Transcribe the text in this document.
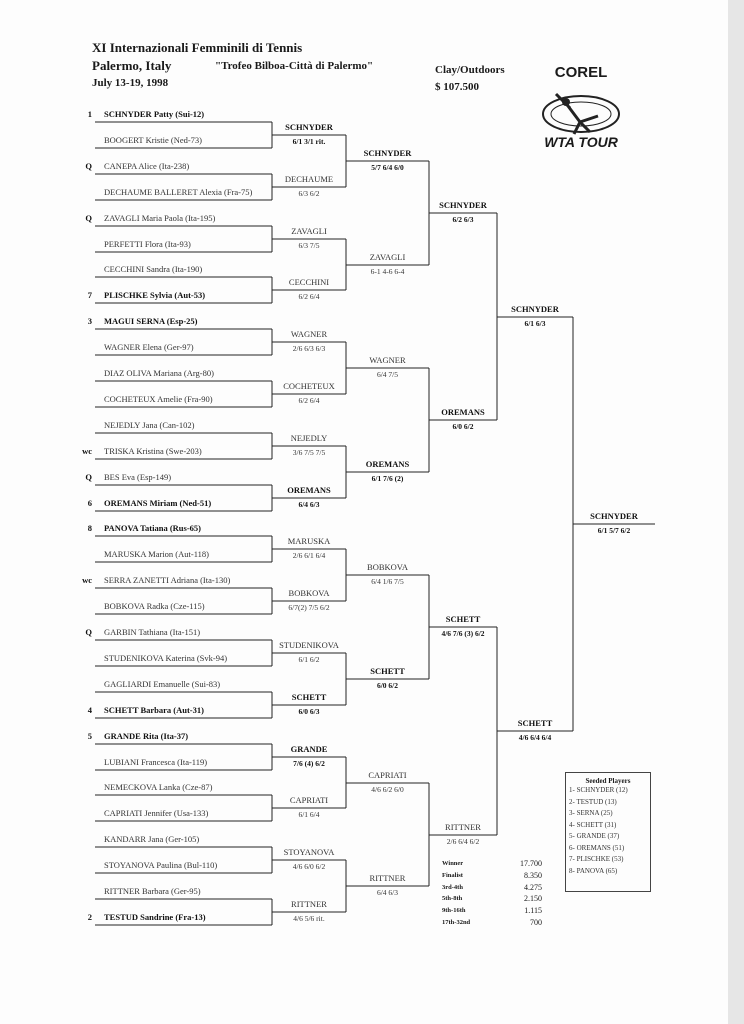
XI Internazionali Femminili di Tennis
Palermo, Italy	"Trofeo Bilboa-Città di Palermo"
July 13-19, 1998
Clay/Outdoors
$ 107.500
COREL
WTA TOUR
1 SCHNYDER Patty (Sui-12)
BOOGERT Kristie (Ned-73)
Q CANEPA Alice (Ita-238)
DECHAUME BALLERET Alexia (Fra-75)
Q ZAVAGLI Maria Paola (Ita-195)
PERFETTI Flora (Ita-93)
CECCHINI Sandra (Ita-190)
7 PLISCHKE Sylvia (Aut-53)
3 MAGUI SERNA (Esp-25)
WAGNER Elena (Ger-97)
DIAZ OLIVA Mariana (Arg-80)
COCHETEUX Amelie (Fra-90)
NEJEDLY Jana (Can-102)
wc TRISKA Kristina (Swe-203)
Q BES Eva (Esp-149)
6 OREMANS Miriam (Ned-51)
8 PANOVA Tatiana (Rus-65)
MARUSKA Marion (Aut-118)
wc SERRA ZANETTI Adriana (Ita-130)
BOBKOVA Radka (Cze-115)
Q GARBIN Tathiana (Ita-151)
STUDENIKOVA Katerina (Svk-94)
GAGLIARDI Emanuelle (Sui-83)
4 SCHETT Barbara (Aut-31)
5 GRANDE Rita (Ita-37)
LUBIANI Francesca (Ita-119)
NEMECKOVA Lanka (Cze-87)
CAPRIATI Jennifer (Usa-133)
KANDARR Jana (Ger-105)
STOYANOVA Paulina (Bul-110)
RITTNER Barbara (Ger-95)
2 TESTUD Sandrine (Fra-13)
SCHNYDER
6/1 3/1 rit.
DECHAUME
6/3 6/2
ZAVAGLI
6/3 7/5
CECCHINI
6/2 6/4
WAGNER
2/6 6/3 6/3
COCHETEUX
6/2 6/4
NEJEDLY
3/6 7/5 7/5
OREMANS
6/4 6/3
MARUSKA
2/6 6/1 6/4
BOBKOVA
6/7(2) 7/5 6/2
STUDENIKOVA
6/1 6/2
SCHETT
6/0 6/3
GRANDE
7/6 (4) 6/2
CAPRIATI
6/1 6/4
STOYANOVA
4/6 6/0 6/2
RITTNER
4/6 5/6 rit.
SCHNYDER
5/7 6/4 6/0
ZAVAGLI
6-1 4-6 6-4
WAGNER
6/4 7/5
OREMANS
6/1 7/6 (2)
BOBKOVA
6/4 1/6 7/5
SCHETT
6/0 6/2
CAPRIATI
4/6 6/2 6/0
RITTNER
6/4 6/3
SCHNYDER
6/2 6/3
OREMANS
6/0 6/2
SCHETT
4/6 7/6 (3) 6/2
RITTNER
2/6 6/4 6/2
SCHNYDER
6/1 6/3
SCHETT
4/6 6/4 6/4
SCHNYDER
6/1 5/7 6/2
Winner	17.700
Finalist	8.350
3rd-4th	4.275
5th-8th	2.150
9th-16th	1.115
17th-32nd	700
Seeded Players
1- SCHNYDER (12)
2- TESTUD (13)
3- SERNA (25)
4- SCHETT (31)
5- GRANDE (37)
6- OREMANS (51)
7- PLISCHKE (53)
8- PANOVA (65)
